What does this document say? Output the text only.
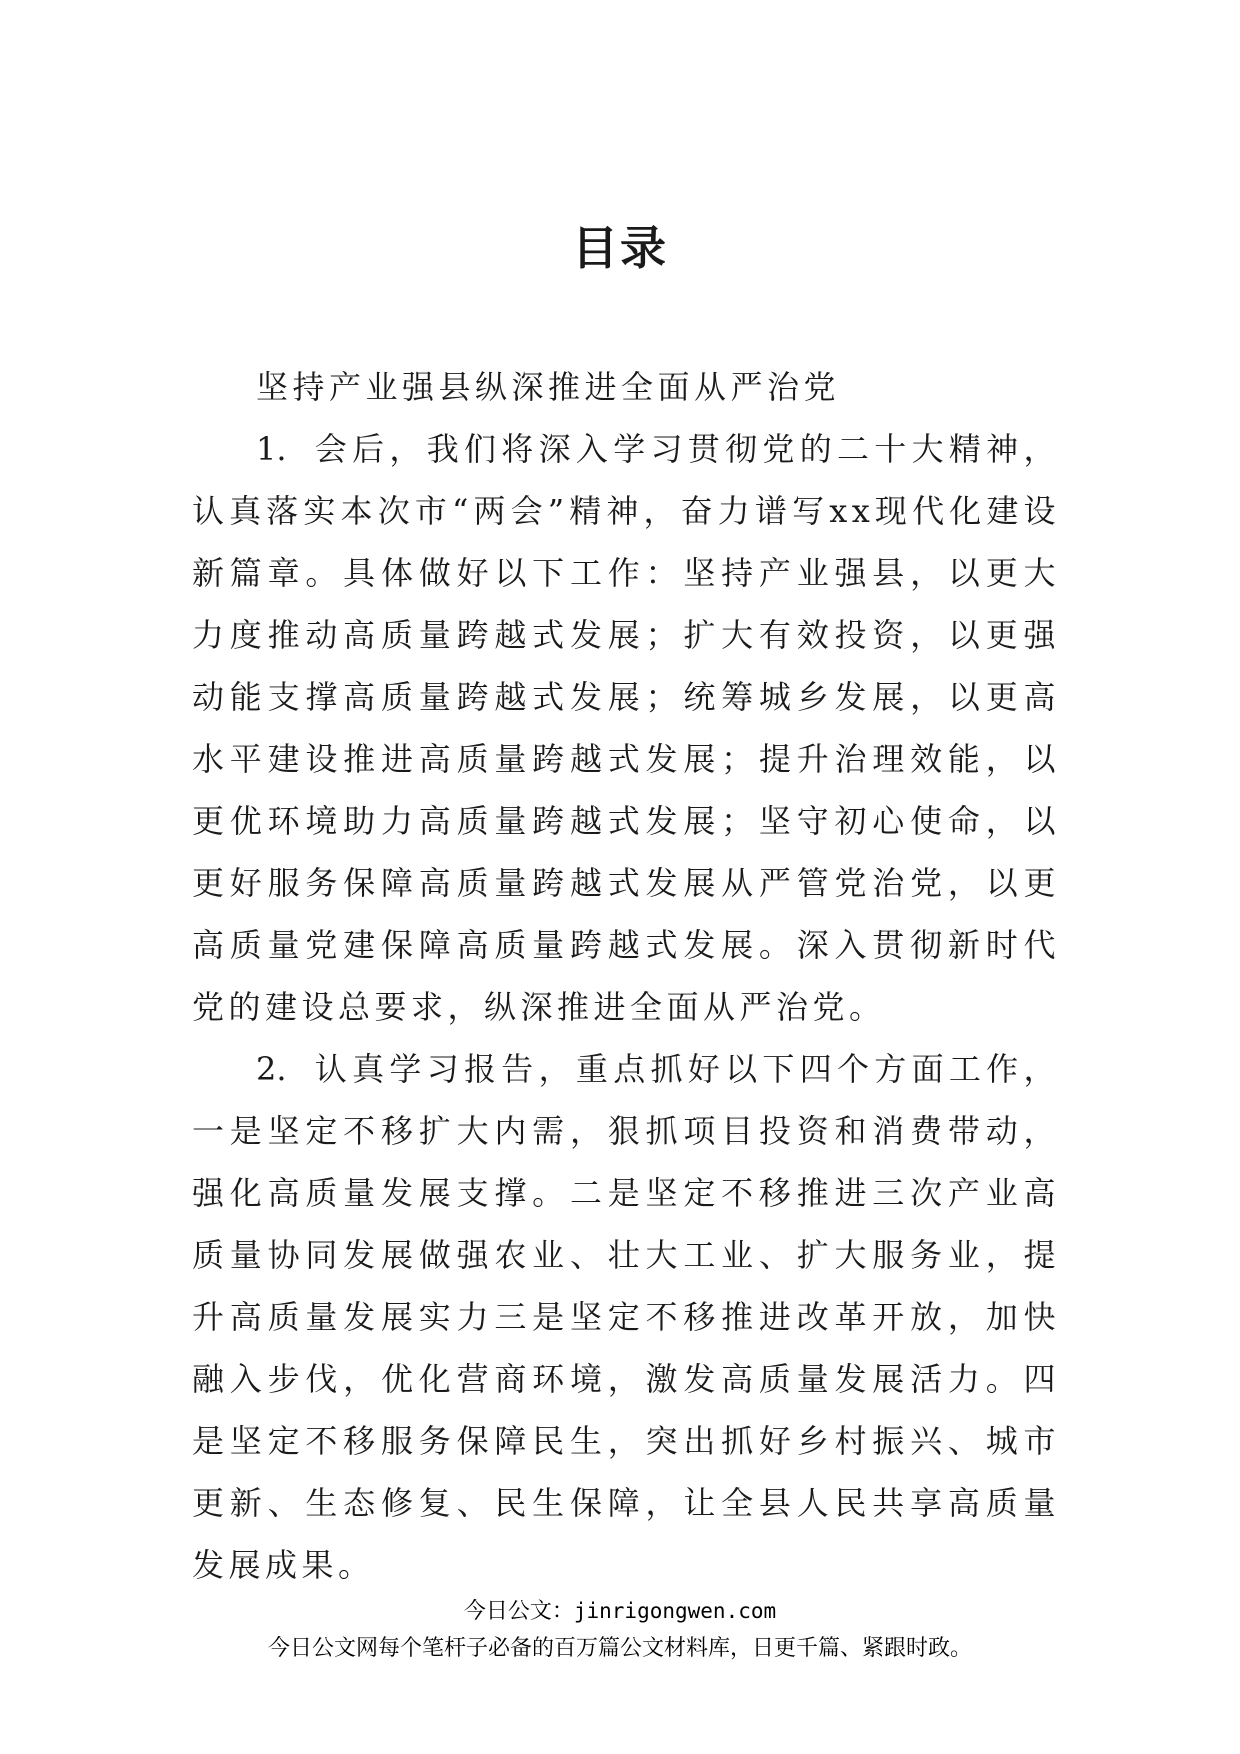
目录

坚持产业强县纵深推进全面从严治党

1. 会后，我们将深入学习贯彻党的二十大精神，认真落实本次市“两会”精神，奋力谱写xx现代化建设新篇章。具体做好以下工作：坚持产业强县，以更大力度推动高质量跨越式发展；扩大有效投资，以更强动能支撑高质量跨越式发展；统筹城乡发展，以更高水平建设推进高质量跨越式发展；提升治理效能，以更优环境助力高质量跨越式发展；坚守初心使命，以更好服务保障高质量跨越式发展从严管党治党，以更高质量党建保障高质量跨越式发展。深入贯彻新时代党的建设总要求，纵深推进全面从严治党。

2. 认真学习报告，重点抓好以下四个方面工作，一是坚定不移扩大内需，狠抓项目投资和消费带动，强化高质量发展支撑。二是坚定不移推进三次产业高质量协同发展做强农业、壮大工业、扩大服务业，提升高质量发展实力三是坚定不移推进改革开放，加快融入步伐，优化营商环境，激发高质量发展活力。四是坚定不移服务保障民生，突出抓好乡村振兴、城市更新、生态修复、民生保障，让全县人民共享高质量发展成果。

今日公文：jinrigongwen.com
今日公文网每个笔杆子必备的百万篇公文材料库，日更千篇、紧跟时政。
